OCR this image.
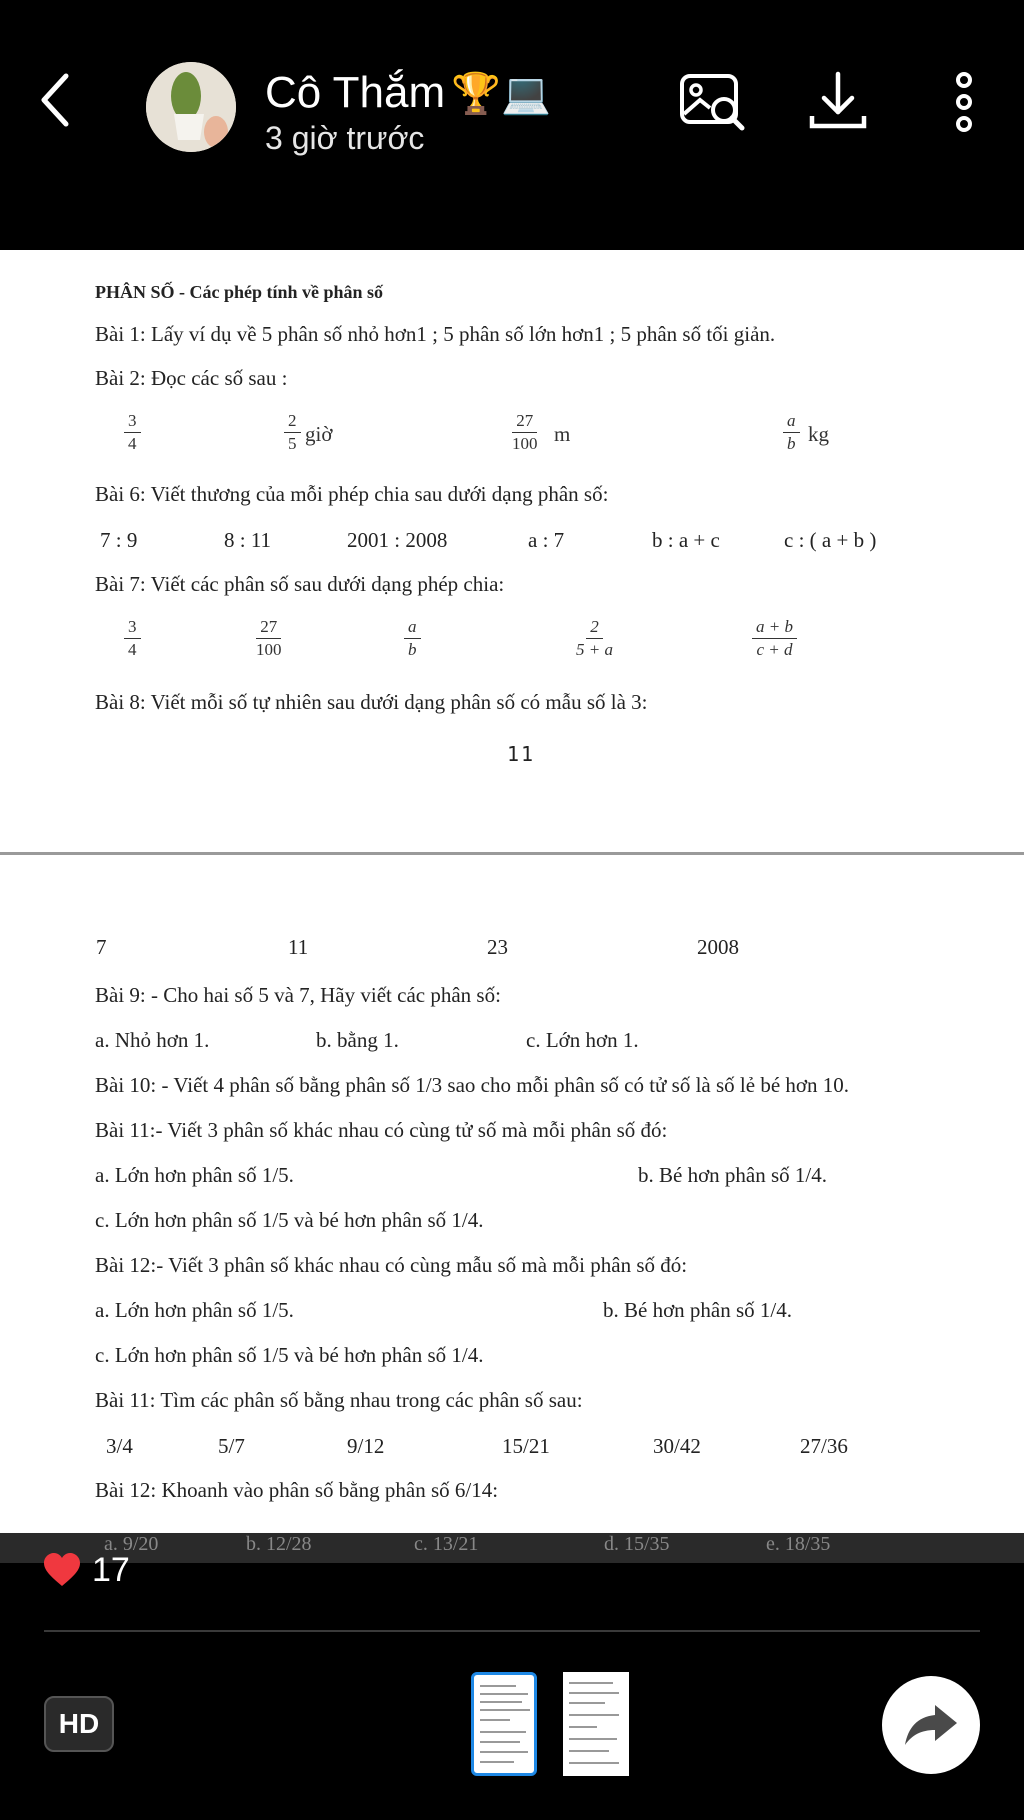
Cô Thắm 🏆💻
3 giờ trước
PHÂN SỐ - Các phép tính về phân số
Bài 1: Lấy ví dụ về 5 phân số nhỏ hơn1 ; 5 phân số lớn hơn1 ; 5 phân số tối giản.
Bài 2: Đọc các số sau :
$\frac{3}{4}$	$\frac{2}{5}$ giờ	$\frac{27}{100}$ m	$\frac{a}{b}$ kg
Bài 6: Viết thương của mỗi phép chia sau dưới dạng phân số:
7 : 9	8 : 11	2001 : 2008	a : 7	b : a + c	c : ( a + b )
Bài 7: Viết các phân số sau dưới dạng phép chia:
$\frac{3}{4}$	$\frac{27}{100}$	$\frac{a}{b}$	$\frac{2}{5 + a}$	$\frac{a + b}{c + d}$
Bài 8: Viết mỗi số tự nhiên sau dưới dạng phân số có mẫu số là 3:
11
7	11	23	2008
Bài 9: - Cho hai số 5 và 7, Hãy viết các phân số:
a. Nhỏ hơn 1.	b. bằng 1.	c. Lớn hơn 1.
Bài 10: - Viết 4 phân số bằng phân số 1/3 sao cho mỗi phân số có tử số là số lẻ bé hơn 10.
Bài 11:- Viết 3 phân số khác nhau có cùng tử số mà mỗi phân số đó:
a. Lớn hơn phân số 1/5.	b. Bé hơn phân số 1/4.
c. Lớn hơn phân số 1/5 và bé hơn phân số 1/4.
Bài 12:- Viết 3 phân số khác nhau có cùng mẫu số mà mỗi phân số đó:
a. Lớn hơn phân số 1/5.	b. Bé hơn phân số 1/4.
c. Lớn hơn phân số 1/5 và bé hơn phân số 1/4.
Bài 11: Tìm các phân số bằng nhau trong các phân số sau:
3/4	5/7	9/12	15/21	30/42	27/36
Bài 12: Khoanh vào phân số bằng phân số 6/14:
a. 9/20	b. 12/28	c. 13/21	d. 15/35	e. 18/35
17
HD
